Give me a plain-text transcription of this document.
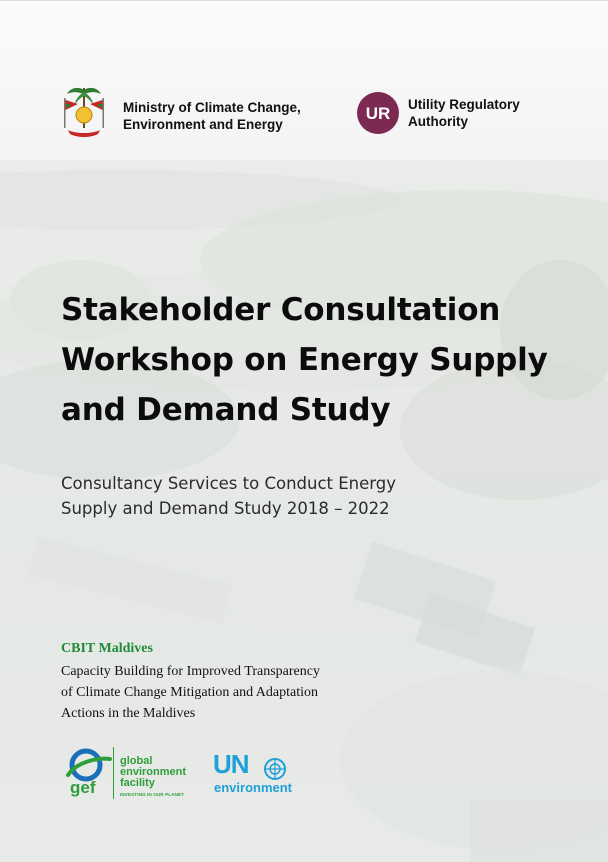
Ministry of Climate Change,
Environment and Energy
UR Utility Regulatory
Authority
Stakeholder Consultation
Workshop on Energy Supply
and Demand Study
Consultancy Services to Conduct Energy
Supply and Demand Study 2018 – 2022
CBIT Maldives
Capacity Building for Improved Transparency
of Climate Change Mitigation and Adaptation
Actions in the Maldives
gef
global
environment
facility
INVESTING IN OUR PLANET
UN
environment
